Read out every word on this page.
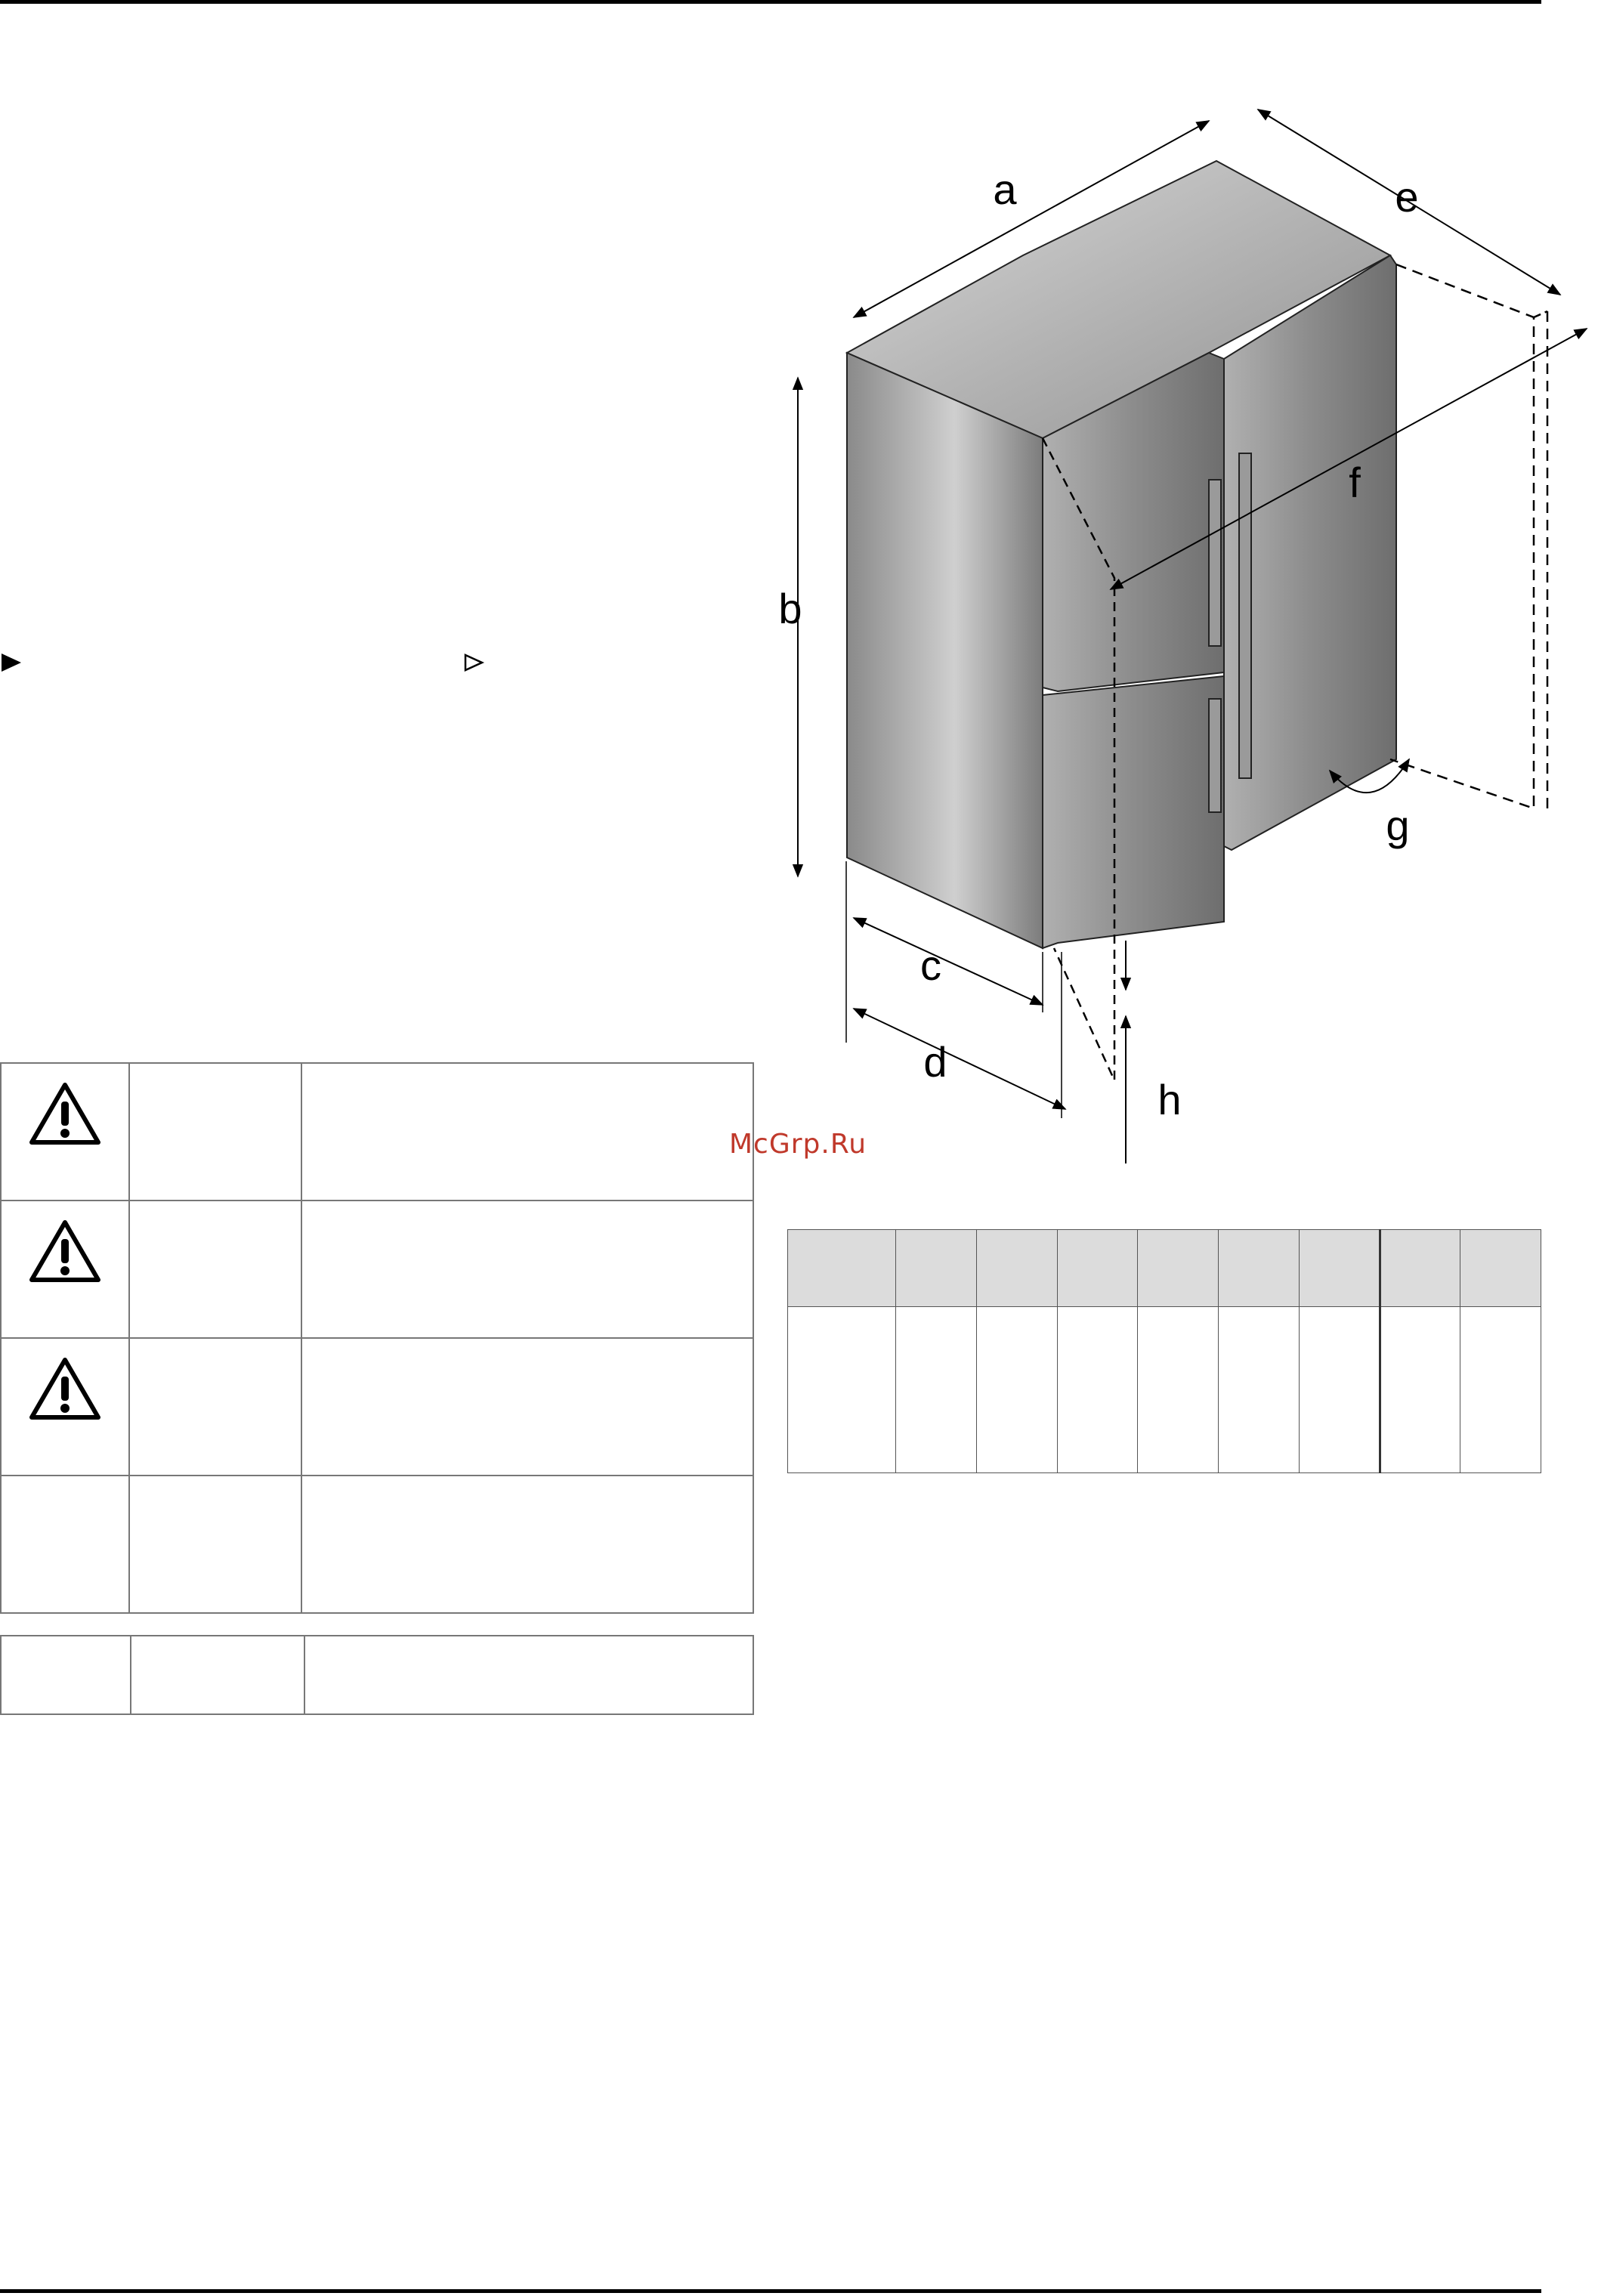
a
b
c
d
e
f
g
h
McGrp.Ru
